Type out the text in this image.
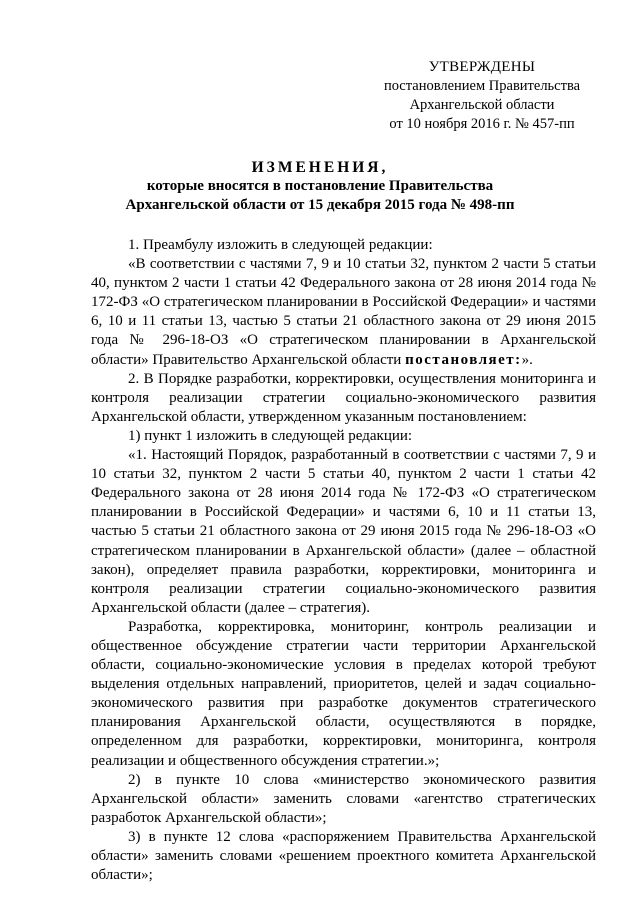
УТВЕРЖДЕНЫ
постановлением Правительства
Архангельской области
от 10 ноября 2016 г. № 457-пп
ИЗМЕНЕНИЯ,
которые вносятся в постановление Правительства
Архангельской области от 15 декабря 2015 года № 498-пп

1. Преамбулу изложить в следующей редакции:

«В соответствии с частями 7, 9 и 10 статьи 32, пунктом 2 части 5 статьи 40, пунктом 2 части 1 статьи 42 Федерального закона от 28 июня 2014 года № 172-ФЗ «О стратегическом планировании в Российской Федерации» и частями 6, 10 и 11 статьи 13, частью 5 статьи 21 областного закона от 29 июня 2015 года № 296-18-ОЗ «О стратегическом планировании в Архангельской области» Правительство Архангельской области постановляет:».

2. В Порядке разработки, корректировки, осуществления мониторинга и контроля реализации стратегии социально-экономического развития Архангельской области, утвержденном указанным постановлением:

1) пункт 1 изложить в следующей редакции:

«1. Настоящий Порядок, разработанный в соответствии с частями 7, 9 и 10 статьи 32, пунктом 2 части 5 статьи 40, пунктом 2 части 1 статьи 42 Федерального закона от 28 июня 2014 года № 172-ФЗ «О стратегическом планировании в Российской Федерации» и частями 6, 10 и 11 статьи 13, частью 5 статьи 21 областного закона от 29 июня 2015 года № 296-18-ОЗ «О стратегическом планировании в Архангельской области» (далее – областной закон), определяет правила разработки, корректировки, мониторинга и контроля реализации стратегии социально-экономического развития Архангельской области (далее – стратегия).

Разработка, корректировка, мониторинг, контроль реализации и общественное обсуждение стратегии части территории Архангельской области, социально-экономические условия в пределах которой требуют выделения отдельных направлений, приоритетов, целей и задач социально-экономического развития при разработке документов стратегического планирования Архангельской области, осуществляются в порядке, определенном для разработки, корректировки, мониторинга, контроля реализации и общественного обсуждения стратегии.»;

2) в пункте 10 слова «министерство экономического развития Архангельской области» заменить словами «агентство стратегических разработок Архангельской области»;

3) в пункте 12 слова «распоряжением Правительства Архангельской области» заменить словами «решением проектного комитета Архангельской области»;
